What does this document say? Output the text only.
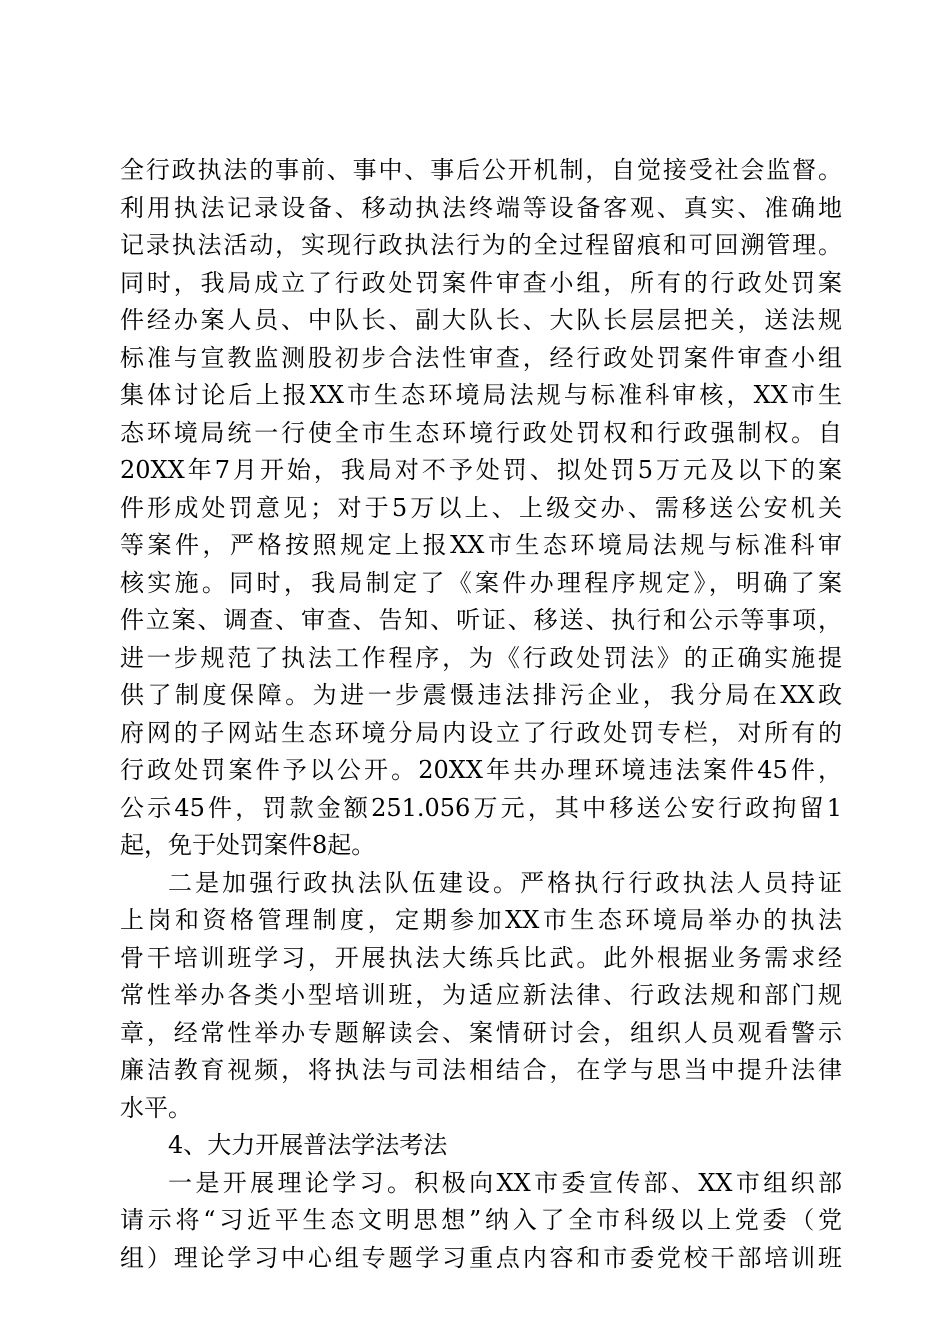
全行政执法的事前、事中、事后公开机制，自觉接受社会监督。
利用执法记录设备、移动执法终端等设备客观、真实、准确地
记录执法活动，实现行政执法行为的全过程留痕和可回溯管理。
同时，我局成立了行政处罚案件审查小组，所有的行政处罚案
件经办案人员、中队长、副大队长、大队长层层把关，送法规
标准与宣教监测股初步合法性审查，经行政处罚案件审查小组
集体讨论后上报XX市生态环境局法规与标准科审核，XX市生
态环境局统一行使全市生态环境行政处罚权和行政强制权。自
20XX年7月开始，我局对不予处罚、拟处罚5万元及以下的案
件形成处罚意见；对于5万以上、上级交办、需移送公安机关
等案件，严格按照规定上报XX市生态环境局法规与标准科审
核实施。同时，我局制定了《案件办理程序规定》，明确了案
件立案、调查、审查、告知、听证、移送、执行和公示等事项，
进一步规范了执法工作程序，为《行政处罚法》的正确实施提
供了制度保障。为进一步震慑违法排污企业，我分局在XX政
府网的子网站生态环境分局内设立了行政处罚专栏，对所有的
行政处罚案件予以公开。20XX年共办理环境违法案件45件，
公示45件，罚款金额251.056万元，其中移送公安行政拘留1
起，免于处罚案件8起。
二是加强行政执法队伍建设。严格执行行政执法人员持证
上岗和资格管理制度，定期参加XX市生态环境局举办的执法
骨干培训班学习，开展执法大练兵比武。此外根据业务需求经
常性举办各类小型培训班，为适应新法律、行政法规和部门规
章，经常性举办专题解读会、案情研讨会，组织人员观看警示
廉洁教育视频，将执法与司法相结合，在学与思当中提升法律
水平。
4、大力开展普法学法考法
一是开展理论学习。积极向XX市委宣传部、XX市组织部
请示将“习近平生态文明思想”纳入了全市科级以上党委（党
组）理论学习中心组专题学习重点内容和市委党校干部培训班
